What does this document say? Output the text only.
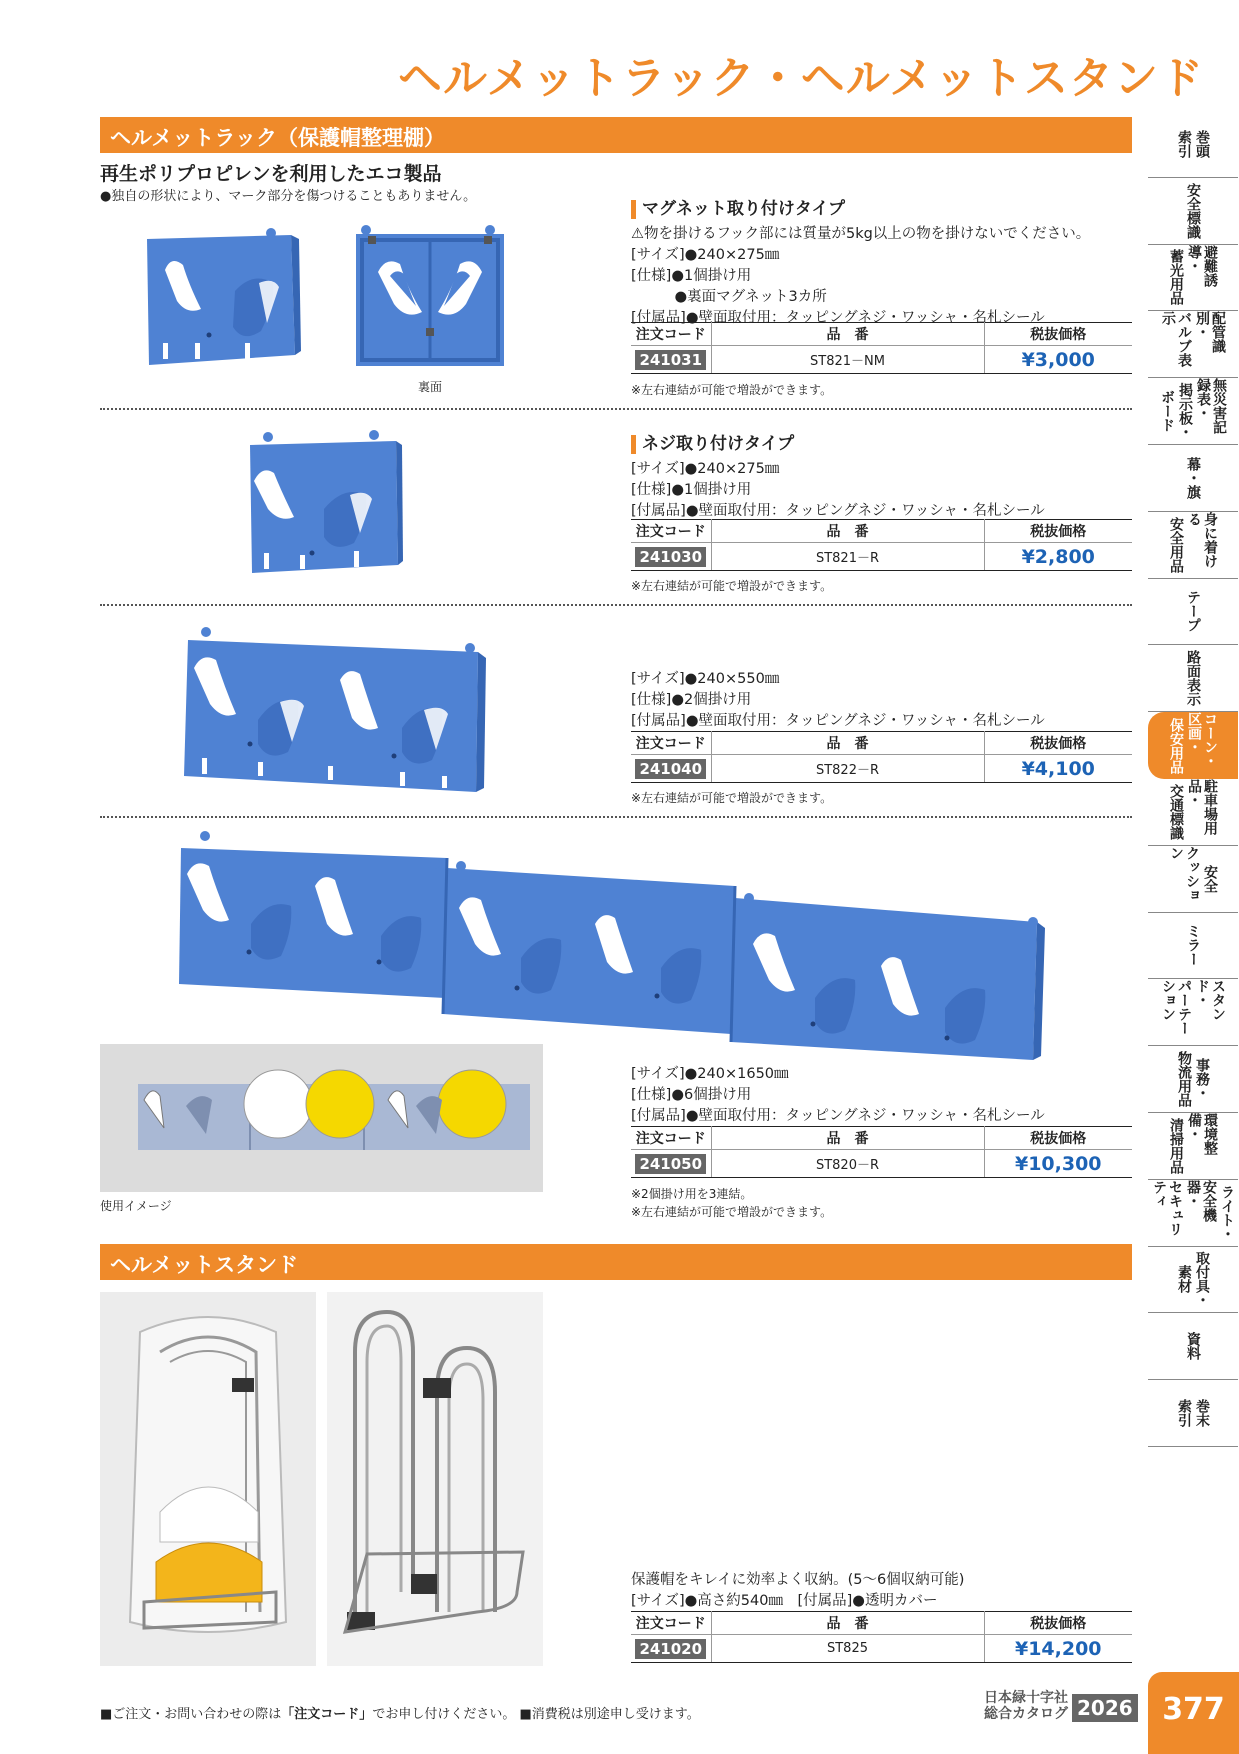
ヘルメットラック・ヘルメットスタンド
ヘルメットラック（保護帽整理棚）
再生ポリプロピレンを利用したエコ製品
●独自の形状により、マーク部分を傷つけることもありません。
裏面
マグネット取り付けタイプ
⚠物を掛けるフック部には質量が5kg以上の物を掛けないでください。
[サイズ]●240×275㎜
[仕様]●1個掛け用
　　　●裏面マグネット3カ所
[付属品]●壁面取付用：タッピングネジ・ワッシャ・名札シール
注文コード	品　番	税抜価格
241031	ST821－NM	¥3,000
※左右連結が可能で増設ができます。
ネジ取り付けタイプ
[サイズ]●240×275㎜
[仕様]●1個掛け用
[付属品]●壁面取付用：タッピングネジ・ワッシャ・名札シール
注文コード	品　番	税抜価格
241030	ST821－R	¥2,800
※左右連結が可能で増設ができます。
[サイズ]●240×550㎜
[仕様]●2個掛け用
[付属品]●壁面取付用：タッピングネジ・ワッシャ・名札シール
注文コード	品　番	税抜価格
241040	ST822－R	¥4,100
※左右連結が可能で増設ができます。
使用イメージ
[サイズ]●240×1650㎜
[仕様]●6個掛け用
[付属品]●壁面取付用：タッピングネジ・ワッシャ・名札シール
注文コード	品　番	税抜価格
241050	ST820－R	¥10,300
※2個掛け用を3連結。
※左右連結が可能で増設ができます。
ヘルメットスタンド
保護帽をキレイに効率よく収納。(5～6個収納可能)
[サイズ]●高さ約540㎜　[付属品]●透明カバー
注文コード	品　番	税抜価格
241020	ST825	¥14,200
巻頭
索引
安全標識
避難誘導・
蓄光用品
配管識別・
バルブ表示
無災害記録表・
掲示板・
ボード
幕・旗
身に着ける
安全用品
テープ
路面表示
コーン・区画・
保安用品
駐車場用品・
交通標識
安全
クッション
ミラー
スタンド・
パーテーション
事務・
物流用品
環境整備・
清掃用品
ライト・
安全機器・
セキュリティ
取付具・
素材
資料
巻末
索引
■ご注文・お問い合わせの際は「注文コード」でお申し付けください。 ■消費税は別途申し受けます。
日本緑十字社
総合カタログ 2026 377
